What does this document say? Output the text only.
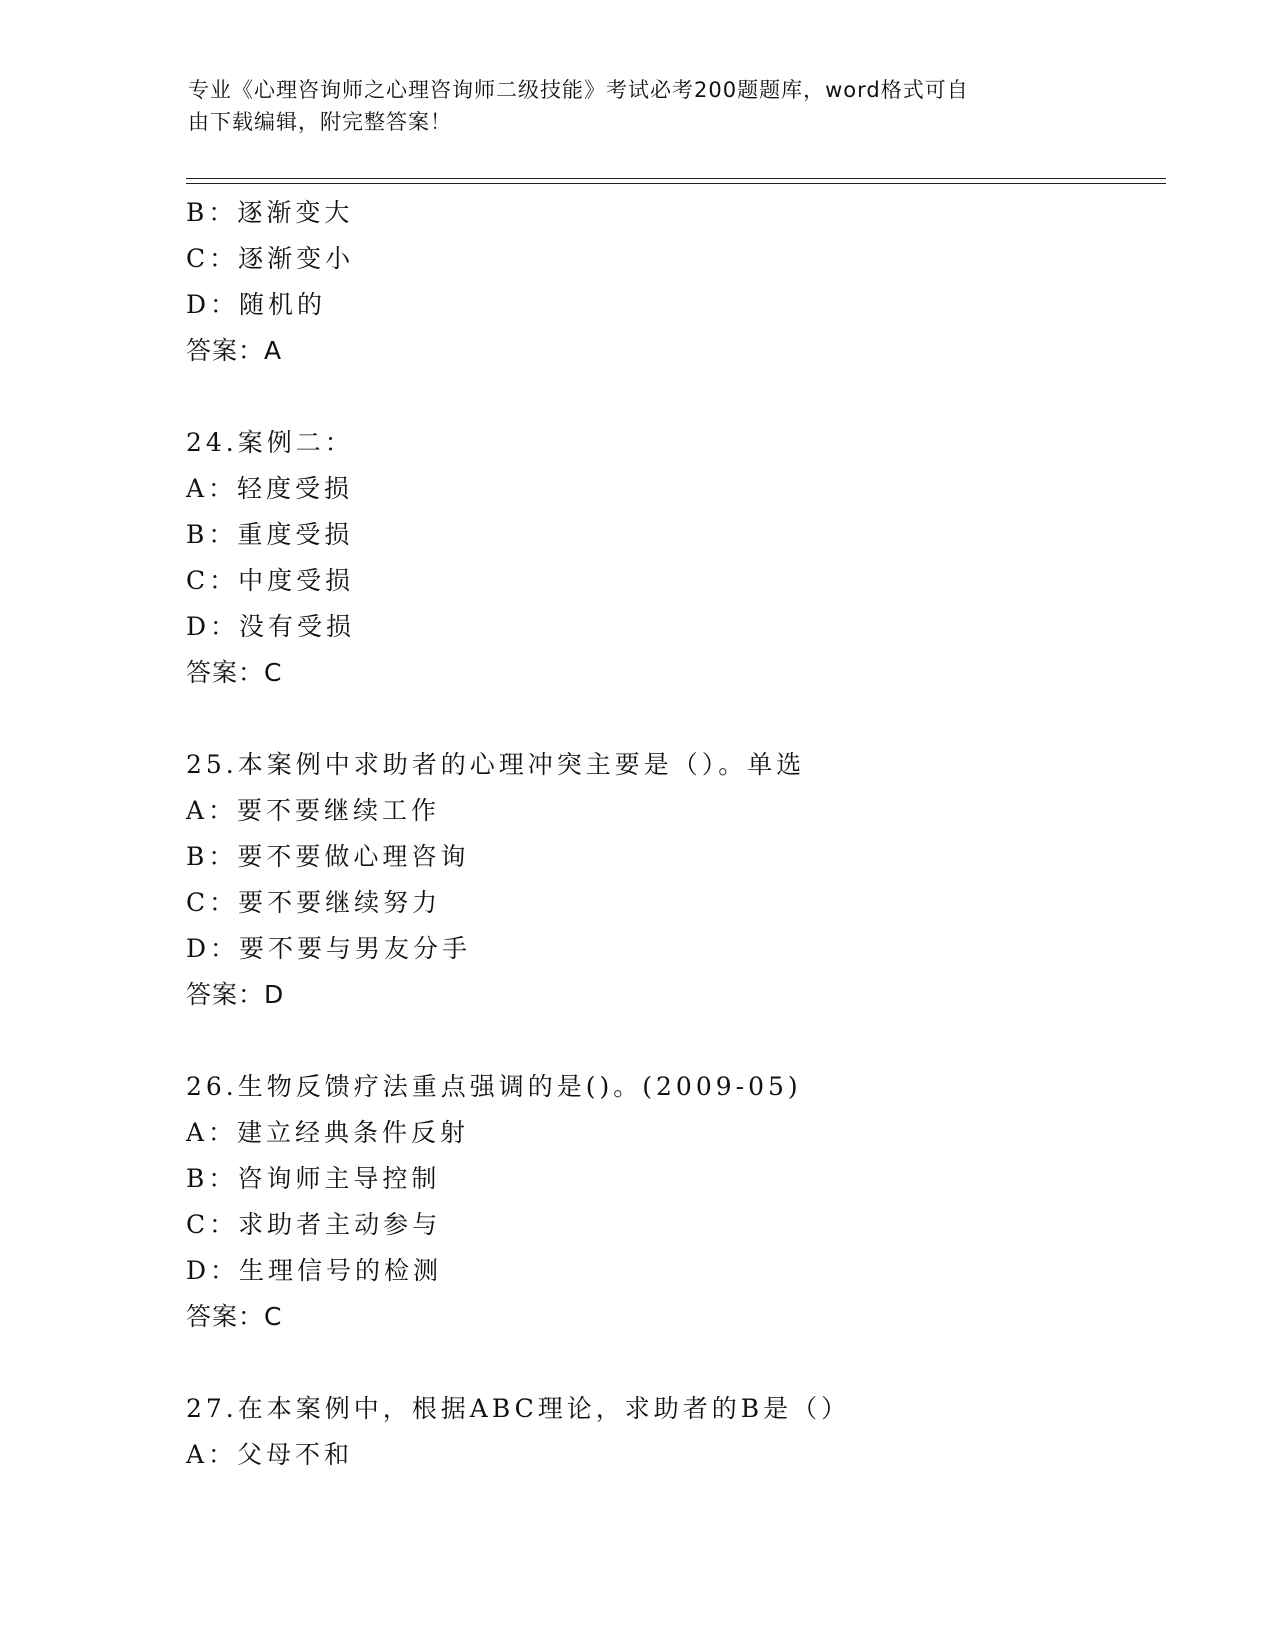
专业《心理咨询师之心理咨询师二级技能》考试必考200题题库，word格式可自
由下载编辑，附完整答案！
B：逐渐变大
C：逐渐变小
D：随机的
答案：A
24.案例二：
A：轻度受损
B：重度受损
C：中度受损
D：没有受损
答案：C
25.本案例中求助者的心理冲突主要是（）。单选
A：要不要继续工作
B：要不要做心理咨询
C：要不要继续努力
D：要不要与男友分手
答案：D
26.生物反馈疗法重点强调的是()。(2009-05)
A：建立经典条件反射
B：咨询师主导控制
C：求助者主动参与
D：生理信号的检测
答案：C
27.在本案例中，根据ABC理论，求助者的B是（）
A：父母不和
